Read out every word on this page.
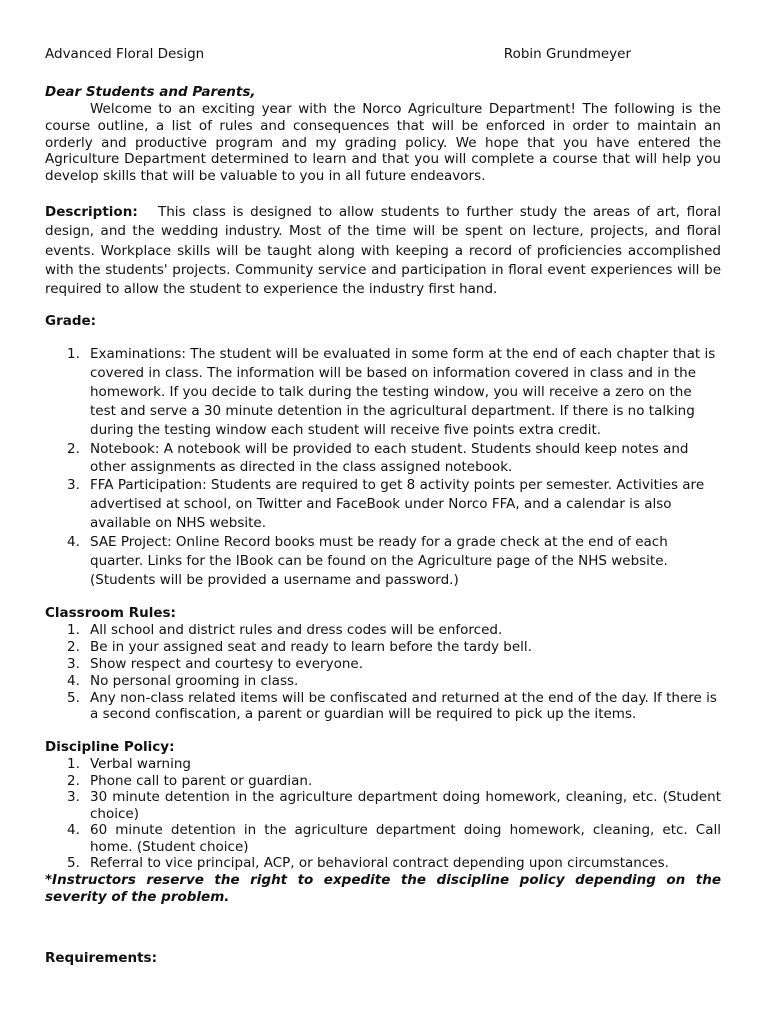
Advanced Floral Design	Robin Grundmeyer
Dear Students and Parents,
Welcome to an exciting year with the Norco Agriculture Department! The following is the course outline, a list of rules and consequences that will be enforced in order to maintain an orderly and productive program and my grading policy. We hope that you have entered the Agriculture Department determined to learn and that you will complete a course that will help you develop skills that will be valuable to you in all future endeavors.
Description: This class is designed to allow students to further study the areas of art, floral design, and the wedding industry. Most of the time will be spent on lecture, projects, and floral events. Workplace skills will be taught along with keeping a record of proficiencies accomplished with the students' projects. Community service and participation in floral event experiences will be required to allow the student to experience the industry first hand.
Grade:
1. Examinations: The student will be evaluated in some form at the end of each chapter that is covered in class. The information will be based on information covered in class and in the homework. If you decide to talk during the testing window, you will receive a zero on the test and serve a 30 minute detention in the agricultural department. If there is no talking during the testing window each student will receive five points extra credit.
2. Notebook: A notebook will be provided to each student. Students should keep notes and other assignments as directed in the class assigned notebook.
3. FFA Participation: Students are required to get 8 activity points per semester. Activities are advertised at school, on Twitter and FaceBook under Norco FFA, and a calendar is also available on NHS website.
4. SAE Project: Online Record books must be ready for a grade check at the end of each quarter. Links for the IBook can be found on the Agriculture page of the NHS website. (Students will be provided a username and password.)
Classroom Rules:
1. All school and district rules and dress codes will be enforced.
2. Be in your assigned seat and ready to learn before the tardy bell.
3. Show respect and courtesy to everyone.
4. No personal grooming in class.
5. Any non-class related items will be confiscated and returned at the end of the day. If there is a second confiscation, a parent or guardian will be required to pick up the items.
Discipline Policy:
1. Verbal warning
2. Phone call to parent or guardian.
3. 30 minute detention in the agriculture department doing homework, cleaning, etc. (Student choice)
4. 60 minute detention in the agriculture department doing homework, cleaning, etc. Call home. (Student choice)
5. Referral to vice principal, ACP, or behavioral contract depending upon circumstances.
*Instructors reserve the right to expedite the discipline policy depending on the severity of the problem.
Requirements:
